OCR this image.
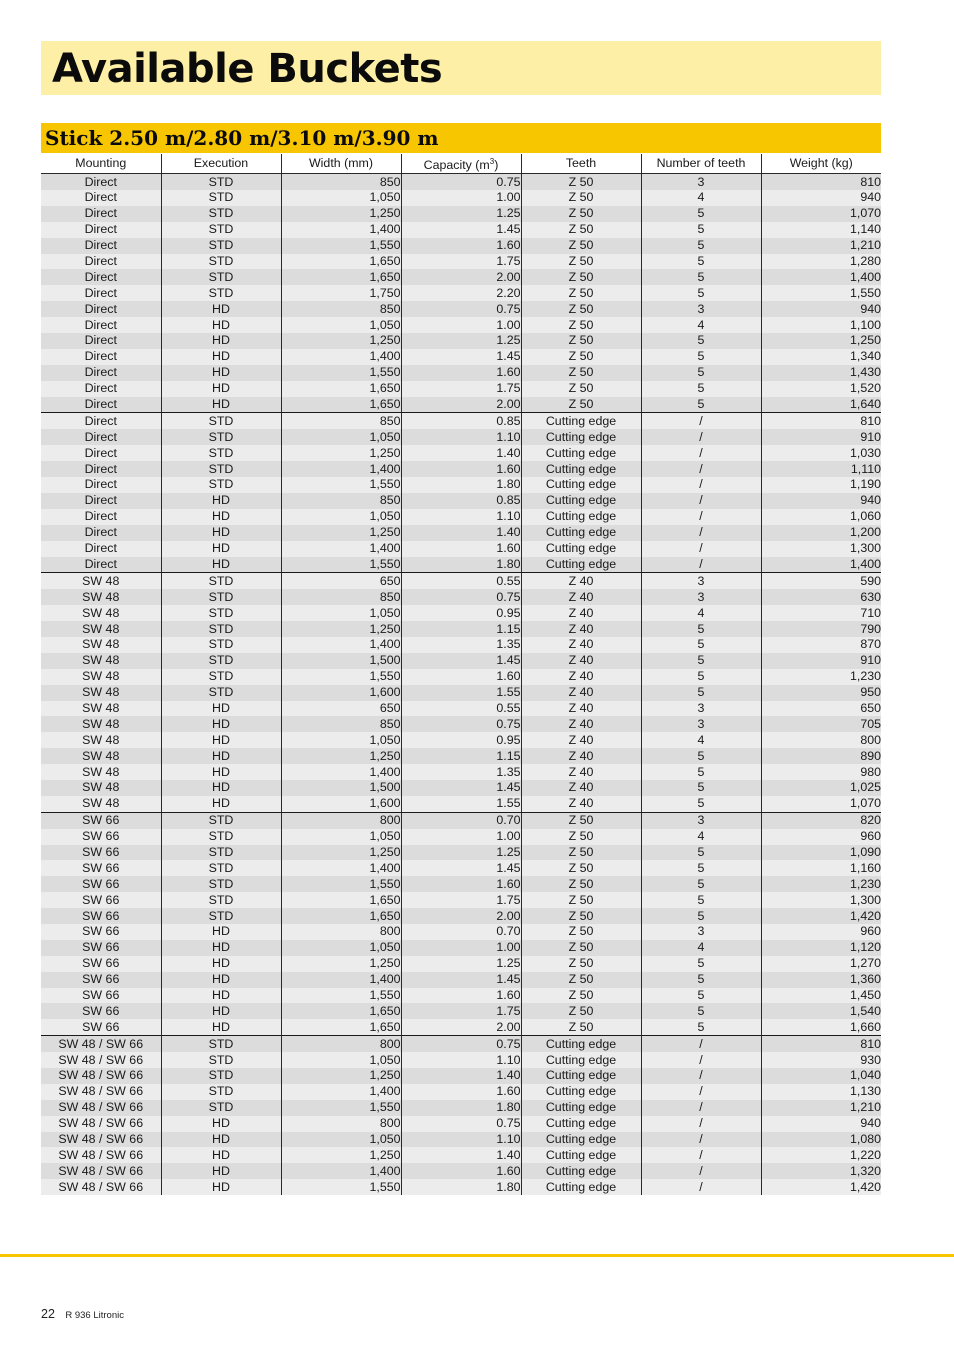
Available Buckets
Stick 2.50 m/2.80 m/3.10 m/3.90 m
Mounting	Execution	Width (mm)	Capacity $(m^3)$	Teeth	Number of teeth	Weight (kg)
Direct	STD	850	0.75	Z 50	3	810
Direct	STD	1,050	1.00	Z 50	4	940
Direct	STD	1,250	1.25	Z 50	5	1,070
Direct	STD	1,400	1.45	Z 50	5	1,140
Direct	STD	1,550	1.60	Z 50	5	1,210
Direct	STD	1,650	1.75	Z 50	5	1,280
Direct	STD	1,650	2.00	Z 50	5	1,400
Direct	STD	1,750	2.20	Z 50	5	1,550
Direct	HD	850	0.75	Z 50	3	940
Direct	HD	1,050	1.00	Z 50	4	1,100
Direct	HD	1,250	1.25	Z 50	5	1,250
Direct	HD	1,400	1.45	Z 50	5	1,340
Direct	HD	1,550	1.60	Z 50	5	1,430
Direct	HD	1,650	1.75	Z 50	5	1,520
Direct	HD	1,650	2.00	Z 50	5	1,640
Direct	STD	850	0.85	Cutting edge	/	810
Direct	STD	1,050	1.10	Cutting edge	/	910
Direct	STD	1,250	1.40	Cutting edge	/	1,030
Direct	STD	1,400	1.60	Cutting edge	/	1,110
Direct	STD	1,550	1.80	Cutting edge	/	1,190
Direct	HD	850	0.85	Cutting edge	/	940
Direct	HD	1,050	1.10	Cutting edge	/	1,060
Direct	HD	1,250	1.40	Cutting edge	/	1,200
Direct	HD	1,400	1.60	Cutting edge	/	1,300
Direct	HD	1,550	1.80	Cutting edge	/	1,400
SW 48	STD	650	0.55	Z 40	3	590
SW 48	STD	850	0.75	Z 40	3	630
SW 48	STD	1,050	0.95	Z 40	4	710
SW 48	STD	1,250	1.15	Z 40	5	790
SW 48	STD	1,400	1.35	Z 40	5	870
SW 48	STD	1,500	1.45	Z 40	5	910
SW 48	STD	1,550	1.60	Z 40	5	1,230
SW 48	STD	1,600	1.55	Z 40	5	950
SW 48	HD	650	0.55	Z 40	3	650
SW 48	HD	850	0.75	Z 40	3	705
SW 48	HD	1,050	0.95	Z 40	4	800
SW 48	HD	1,250	1.15	Z 40	5	890
SW 48	HD	1,400	1.35	Z 40	5	980
SW 48	HD	1,500	1.45	Z 40	5	1,025
SW 48	HD	1,600	1.55	Z 40	5	1,070
SW 66	STD	800	0.70	Z 50	3	820
SW 66	STD	1,050	1.00	Z 50	4	960
SW 66	STD	1,250	1.25	Z 50	5	1,090
SW 66	STD	1,400	1.45	Z 50	5	1,160
SW 66	STD	1,550	1.60	Z 50	5	1,230
SW 66	STD	1,650	1.75	Z 50	5	1,300
SW 66	STD	1,650	2.00	Z 50	5	1,420
SW 66	HD	800	0.70	Z 50	3	960
SW 66	HD	1,050	1.00	Z 50	4	1,120
SW 66	HD	1,250	1.25	Z 50	5	1,270
SW 66	HD	1,400	1.45	Z 50	5	1,360
SW 66	HD	1,550	1.60	Z 50	5	1,450
SW 66	HD	1,650	1.75	Z 50	5	1,540
SW 66	HD	1,650	2.00	Z 50	5	1,660
SW 48 / SW 66	STD	800	0.75	Cutting edge	/	810
SW 48 / SW 66	STD	1,050	1.10	Cutting edge	/	930
SW 48 / SW 66	STD	1,250	1.40	Cutting edge	/	1,040
SW 48 / SW 66	STD	1,400	1.60	Cutting edge	/	1,130
SW 48 / SW 66	STD	1,550	1.80	Cutting edge	/	1,210
SW 48 / SW 66	HD	800	0.75	Cutting edge	/	940
SW 48 / SW 66	HD	1,050	1.10	Cutting edge	/	1,080
SW 48 / SW 66	HD	1,250	1.40	Cutting edge	/	1,220
SW 48 / SW 66	HD	1,400	1.60	Cutting edge	/	1,320
SW 48 / SW 66	HD	1,550	1.80	Cutting edge	/	1,420
22 R 936 Litronic
